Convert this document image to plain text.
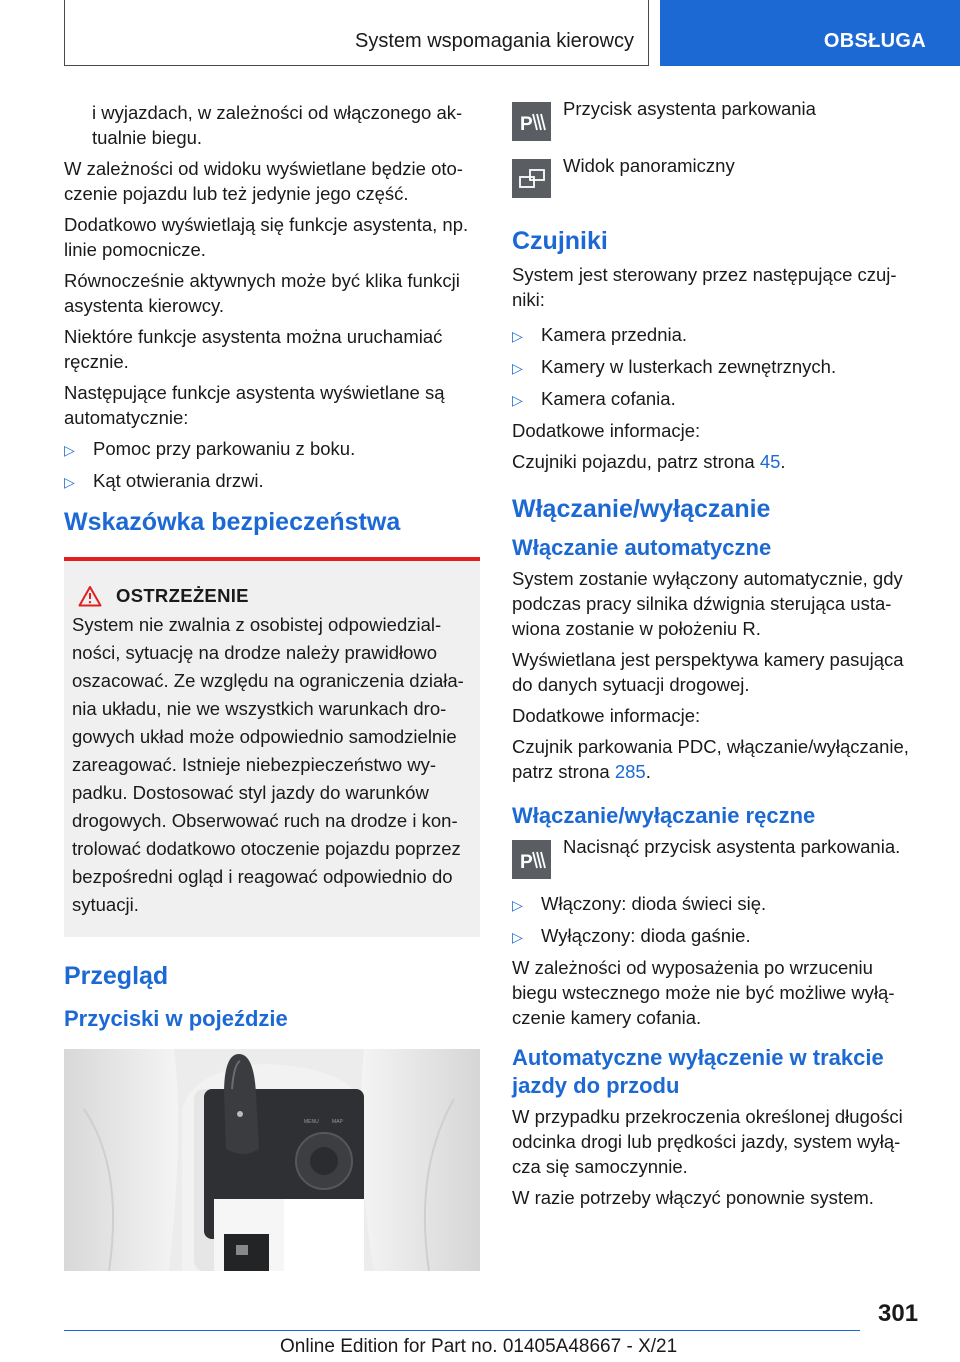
System wspomagania kierowcy	OBSŁUGA

i wyjazdach, w zależności od włączonego ak-tualnie biegu.

W zależności od widoku wyświetlane będzie oto-czenie pojazdu lub też jedynie jego część.

Dodatkowo wyświetlają się funkcje asystenta, np. linie pomocnicze.

Równocześnie aktywnych może być klika funkcji asystenta kierowcy.

Niektóre funkcje asystenta można uruchamiać ręcznie.

Następujące funkcje asystenta wyświetlane są automatycznie:

▷ Pomoc przy parkowaniu z boku.
▷ Kąt otwierania drzwi.
Wskazówka bezpieczeństwa
OSTRZEŻENIE

System nie zwalnia z osobistej odpowiedzial-ności, sytuację na drodze należy prawidłowo oszacować. Ze względu na ograniczenia działa-nia układu, nie we wszystkich warunkach dro-gowych układ może odpowiednio samodzielnie zareagować. Istnieje niebezpieczeństwo wy-padku. Dostosować styl jazdy do warunków drogowych. Obserwować ruch na drodze i kon-trolować dodatkowo otoczenie pojazdu poprzez bezpośredni ogląd i reagować odpowiednio do sytuacji.

Przegląd
Przyciski w pojeździe
MENU	MAP
P
Przycisk asystenta parkowania
Widok panoramiczny
Czujniki

System jest sterowany przez następujące czuj-niki:

▷ Kamera przednia.
▷ Kamery w lusterkach zewnętrznych.
▷ Kamera cofania.

Dodatkowe informacje:

Czujniki pojazdu, patrz strona 45.

Włączanie/wyłączanie
Włączanie automatyczne

System zostanie wyłączony automatycznie, gdy podczas pracy silnika dźwignia sterująca usta-wiona zostanie w położeniu R.

Wyświetlana jest perspektywa kamery pasująca do danych sytuacji drogowej.

Dodatkowe informacje:

Czujnik parkowania PDC, włączanie/wyłączanie, patrz strona 285.

Włączanie/wyłączanie ręczne
P
Nacisnąć przycisk asystenta parkowania.
▷ Włączony: dioda świeci się.
▷ Wyłączony: dioda gaśnie.

W zależności od wyposażenia po wrzuceniu biegu wstecznego może nie być możliwe wyłą-czenie kamery cofania.

Automatyczne wyłączenie w trakcie jazdy do przodu

W przypadku przekroczenia określonej długości odcinka drogi lub prędkości jazdy, system wyłą-cza się samoczynnie.

W razie potrzeby włączyć ponownie system.

301
Online Edition for Part no. 01405A48667 - X/21
